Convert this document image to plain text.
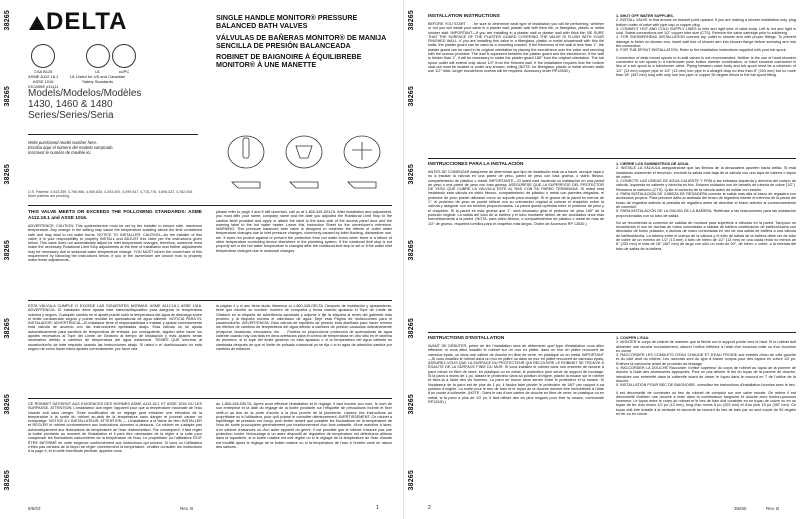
38265
38265
38265
38265
38265
38265
38265
DELTA
CSA B125
ASME A112.18.1
ASSE 1016
IOC/MNE #11111
UL
UL Listed for US and Canadian
Safety Standards
cUPC
Models/Modelos/Modèles
1430, 1460 & 1480
Series/Series/Seria
Write purchased model number here.
Escriba aquí el número del modelo comprado.
Inscrivez le numéro de modèle ici.
U.S. Patents: 4,043,359, 3,796,966, 4,069,835, 4,353,400, 4,099,547, 4,715,776, 4,696,322, 4,782,005. More patents are pending.
SINGLE HANDLE MONITOR® PRESSURE BALANCED BATH VALVES
VÁLVULAS DE BAÑERAS MONITOR® DE MANIJA SENCILLA DE PRESIÓN BALANCEADA
ROBINET DE BAIGNOIRE À ÉQUILIBREBE MONITOR® À UNE MANETTE
THIS VALVE MEETS OR EXCEEDS THE FOLLOWING STANDARDS: ASME A112.18.1 and ASSE 1016.
ADVERTENCE: CAUTION: This system/device must be set by the installer to ensure safe, maximum temperature. Any change in the setting may cause the temperature scalding above the limit considered safe and may lead to hot water burns. NOTICE TO INSTALLER: CAUTION—As the installer of this valve, it is your responsibility to properly INSTALL and ADJUST this valve per the instructions given below. This valve does not automatically adjust for inlet temperature changes, therefore, someone must make the necessary Rotational Limit Stop adjustments at the time of installation and further adjustments may be necessary due to seasonal water temperature change. YOU MUST inform the owner/user of this requirement by following the instructions below. If you or the owner/user are unsure how to properly make these adjustments,
please refer to page 4 and if still uncertain, call us at 1-800-345-DELTA. After installation and adjustment, you must affix your name, company name and the date you adjusted the Rotational Limit Stop to the caution label provided and apply or attach the label to the back side of the access panel door and the warning label to the hot water heater. Leave this Instruction Sheet for the owner/user's reference. WARNING: This pressure balanced bath valve is designed to minimize the effects of outlet water temperature changes due to inlet pressure changes, commonly caused by toilet flushing, dishwasher use, etc. It does not protect against or prevent the protection from hot water burns when there is a failure of other temperature controlling device elsewhere in the plumbing system. If the rotational limit stop is not properly set or the hot water temperature is changed after the rotational limit stop is set or if the water inlet temperature changes due to seasonal changes.
ESTA VÁLVULA CUMPLE O EXCEDE LAS SIGUIENTES NORMAS: ASME A112.18.1 ASSE 1016. ADVERTENCIA: El instalador debe ajustar este sistema/dispositivo para asegurar la temperatura máxima y segura. Cualquier cambio en el ajuste puede subir la temperatura del agua de descarga sobre el límite considerado seguro y puede resultar en quemaduras de agua caliente. NOTICIA PARA EL INSTALADOR: ADVERTENCIA—El instalador tiene el responsabilidad e instalar y ajustar correctamente esta válvula de acuerdo con las instrucciones aprobadas abajo. Esta válvula no se ajusta automáticamente para cambios de temperatura de entrada, por consiguiente, alguien debe hacer los ajustes necesarios al Tope del Límite de Giratorio al tiempo de instalación y más ajustes serán necesarios debido a cambios de temperatura del agua estacional. TIENES QUE informar al usuario/dueño de este requisito usando las instrucciones abajo. Si usted o el dueño/usuario no está seguro de cómo hacer estos ajustes correctamente, por favor vea
la página 4 y si aún tiene duda, llámenos al 1-800-345-DELTA. Después de instalación y ajustamiento, tiene que escribir su nombre, nombre de compañía y fecha cuando ajustado el Tope de Límite de Giratorio en la etiqueta de advertencia aprobada y adjunte o fije la etiqueta al revés del gabinete más próximo y la etiqueta encima el calentador de agua. Deje esta Página de Instrucciones para el usuario/dueño. ADVERTENCIA: Esta válvula de equilibrio de presión está diseñada para hacer mínimo los efectos de cambios de temperatura del agua debido a cambios de presión causados ordinariamente (evaporar, lavadoras, excusados, etc. . . Pudiera no proporcionar protección de quemaduras de agua caliente cuando hay una falla en otros artefactos para el control de temperatura en otro sitio en el sistema de plomería, si el tope del límite giratorio no está ajustado o si la temperatura del agua caliente es cambiada después de que el límite de pulsado rotacional ya se fija o si el agua de admisión cambia por cambios de estación.
CE ROBINET SATISFAIT AUX EXIGENCES DES NORMES ASME A112.18.1 ET ASSE 1016 OU LES SURPASSE. ATTENTION: L'installateur doit régler l'appareil pour que la température maximale de l'eau chaude soit sans danger. Toute modification de ce réglage peut entraîner une élévation de la température à la sortie du robinet au-delà de la température sans danger et pourrait causer un échaudage. NOTICE À L'INSTALLATEUR: ATTENTION — L'installateur a la tâche de bien INSTALLER et RÉGLER le robinet conformément aux instructions données ci-dessous. Ce robinet ne s'adapte pas automatiquement aux fluctuations de température de l'eau d'alimentation. Par conséquent, il faut régler la butée pivotante au moment de l'installation et il peut être nécessaire de la régler à la suite pour compenser les fluctuations saisonnières de la température de l'eau. Le propriétaire ou l'utilisateur DOIT ÊTRE INFORMÉ de cette exigence conformément aux instructions qui suivent. Si vous ou l'utilisateur n'êtes pas certains de la façon de régler correctement la température, veuillez consulter les instructions à la page 4, et si cette incertitude persiste, appelez-nous
au 1-800-345-DELTA. Après avoir effectué l'installation et le réglage, il faut inscrire son nom, le nom de son entreprise et la date du réglage de la butée pivotante sur l'étiquette de précautions fournie et fixer celle-ci au dos de la porte d'accès à la plus proche de la plomberie. Laissez ces instructions au propriétaire ou à l'utilisateur, pour qu'il puisse le consulter ultérieurement. AVERTISSEMENT: Ce robinet à équilibrage de pression est conçu pour limiter autant que possible les fluctuations de la température de l'eau de sortie provoquées généralement par fonctionnement d'un lave-vaisselle, d'une machine à laver, d'un cabinet d'aisances ou d'un autre appareil du genre. Il est possible que le robinet n'assure pas une protection contre l'échaudage si un autre dispositif de régulation de température est défectueux ailleurs dans la tuyauterie, si la butée rotative est mal réglée ou si le réglage de la température de l'eau chaude est modifié après le réglage de la butée rotative ou si la température de l'eau à l'entrée varie en raison des saisons.
8/5/03	Rev. B	1
38265
38265
38265
38265
38265
38265
38265
INSTALLATION INSTRUCTIONS
BEFORE YOU START . . . be sure to determine what type of installation you will be performing, whether or not you will install your valve in a plaster wall, plaster wall with thick tile, or fiberglass, plastic or metal shower stall. IMPORTANT—If you are installing in a plaster wall or plaster wall with thick tile: BE SURE THAT THE SURFACE OF THE PLASTER GUARD COVERING THE VALVE IS FLUSH WITH YOUR FINISHED WALL. If you are installing this valve in a fiberglass, plastic or metal showerwall with thin tile walls, the plaster guard can be used as a mounting bracket. If the thickness of the wall is less than 1", the plaster guard can be used in its original orientation by placing the escutcheon over the valve and securing with the screws provided. The wall is squeezed between the plaster guard and the escutcheon. If the wall is thicker than 1", it will be necessary to rotate the plaster guard 180° from the original orientation. The tub spout outlet will extend only about 1/2" from the finished wall. If the installation requires that the bottom stub-out must be located or under any shower, ceiling (NOTE: for fiberglass, plastic or metal shower stalls use 1/2" thick, longer escutcheon screws will be required. Accessory order RP12630.)
1. SHUT OFF WATER SUPPLIES.
2. INSTALL VALVE to that arrows on bracket point upward. If you are making a shower installation only, plug bottom outlet of valve with pipe cap or copper plug.
3. CONNECT HOT AND COLD SUPPLY LINES to inlet and right inlet of valve body. Left is hot and right is cold. Sweat connections are 1/2" copper tube size (CTS). Remove the valve cartridge prior to soldering.
4. FOR SHOWERHEAD INSTALLATION connect top outlet to shower arm with proper fittings. To prevent damage to finish on shower arm, insert wall end of shower arm into shower flange before screwing arm into tee connection.
5. FOR TUB SPOUT INSTALLATION, Refer to the installation instructions supplied with your tub spout.
Connection of desk mount spouts to in-wall valves is not recommended. Neither is the use of hand showers connected to tub spouts in a tub/shower push button diverter combination, or hand showers connected in lieu of a tub spout to a tub/shower valve. Piping between valve body and tub spout must be a minimum of 1/2" (13 mm) copper pipe or 1/2" (13 mm) iron pipe in a straight drop no less than 8" (203 mm) but no more than 18" (457 mm) long with only one iron pipe or copper 90 degree elbow to the tub spout fitting.
INSTRUCCIONES PARA LA INSTALACIÓN
ANTES DE COMENZAR asegúrese de determinar que tipo de instalación está va a hacer, aunque vaya o no a instalar la válvula en una pared de yeso, pared de yeso con losa gruesa, o vidrio fibroso, compartimiento de plástico o metal. IMPORTANTE—Si usted está haciendo su instalación en una pared de yeso o una pared de yeso con losa gruesa: ASEGÚRESE QUE LA SUPERFICIE DEL PROTECTOR DE YESO QUE CUBRE LA VÁLVULA ESTÉ AL RAS CON SU PARED TERMINADA. Si usted está instalando esta válvula en vidrio fibroso, compartimiento de plástico o metal con paredes delgadas, el protector de yeso puede utilizarse como un soporte para montaje. Si el grosor de la pared es menos de 1", el protector de yeso se puede utilizar con su orientación original al colocar el chapetón sobre la válvula y asegurar con los tornillos proporcionados. La pared queda oprimida entre el protector de yeso y el chapetón. Si la pared es más gruesa que 1", será necesario girar el protector de yeso 180° de la posición original. La salida del tubo de la bañera y el tubo montante deben de ser acordados unos más herméticamente a la pared. (NOTA: para vidrio fibroso, o compartimientos de plástico o metal de más de 1/2" de grueso, requerirá tornillos para el chapetón más largos. Orden de Accesorio RP 12630.)
1. CIERRE LOS SUMINISTROS DE AGUA.
2. INSTALE LA VÁLVULA asegurándose que las flechas de la abrazadera apunten hacia arriba. Si está instalando solamente el recorrido, enchufe la salida más baja de la válvula con una tapa de tubería o tapón de cobre.
3. CONECTE LAS LÍNEAS DE AGUA CALIENTE Y FRÍA a las entradas izquierda y derecha del cuerpo de válvula. Izquierda es caliente y derecha es fría. Enlaces soldados son de tamaño de tubería de cobre (1/2"). Remueva la cartucho (CTS). Quite el cartucho de la válvula antes de soldar con estaño.
4. PARA INSTALACIÓN DE CABEZA DE REGADERA conecte la salida más alta al brazo de regadera con accesorios propios. Para prevenir daño al acabado del brazo de regadera inserte el extremo de la pared del brazo de regadera adentro al pestaña de regadera antes de atornillar el brazo adentro al conexionamiento de conexión.
5. PARA INSTALACIÓN DE LA SALIDA DE LA BAÑERA, Refiérase a las instrucciones para las instalación proporcionadas con su tubo de salida.
No se recomienda la conexión de salidas de montura para superficie a válvulas en la pared. Tampoco se recomienda el uso de duchas de mano conectadas a salidas de bañera combinación de bañera/ducha con desviador de botón pulsador, o duchas de mano conectadas en vez de una salida de bañera a una válvula de bañera/ducha. La tubería entre el cuerpo de la válvula y el tubo de salida de la bañera debe ser de tubo de cobre de un mínimo de 1/2" (13 mm) o tubo de hierro de 1/2" (13 mm) en una caída recta no menos de 8" (203 mm) ni más de 18" (457 mm) de largo con sólo un codo de 90°, de hierro o cobre, a la entrada del tubo de salida de la bañera.
INSTRUCTIONS D'INSTALLATION
AVANT DE DÉBUTER, prière de lire l'installation sera de déterminer quel type d'installation vous allez effectuer, si vous allez installer le robinet sur un mur en plâtre, dans un mur en plâtre recouvert de carreaux épais, ou dans une cabine de douche en fibre de verre, en plastique ou en métal. IMPORTANT—Si vous installez le robinet dans un mur en plâtre ou dans un mur en plâtre recouvert de carreaux épais, ASSUREZ-VOUS QUE LA SURFACE DU PROTECTEUR QUI RECOUVRE LE ROBINET SE TROUVE À ÉGALITÉ DE LA SURFACE FINIE DU MUR. Si vous installez le robinet dans une enceinte de douche à paroi mince en fibre de verre, en plastique ou en métal, le protecteur peut servir de support de montage. Si la paroi a moins de 1 po, laissez le protecteur dans sa position d'origine, placez la rosace sur le robinet et fixez-la à l'aide des vis fournies. La paroi se trouve alors serrée entre le protecteur et la rosace. Si l'épaisseur de la paroi est de plus de 1 po, il faudra faire pivoter le protecteur de 180° par rapport à sa position d'origine. La sortie pour le bec de bain et le tuyau de la douche doivent être immobilisés à l'aide d'un coude à collerette. (NOTE : Dans le cas d'une cabine de douche en fibre de verre, en plastique ou en métal, si la paroi a plus de 1/2 po, il faut utiliser des vis plus longues pour fixer la rosace, commande RP12630.)
1. COUPER L'EAU.
2. MONTER le corps de robinet de manière que la flèche sur le support pointe vers le haut. Si le robinet doit alimenter une douche exclusivement, obturer l'orifice inférieur à l'aide d'un bouchon mâle ou d'un bouchon en cuivre.
3. RACCORDER LES CONDUITS D'EAU CHAUDE ET D'EAU FROIDE aux entrées d'eau de côté gauche et du côté droit du robinet. Les raccords sont du type à braser conçus pour des tuyaux en cuivre 1/2 po. Enlevez la cartouche avant de procéder au brasage.
4. RACCORDER LA DOUCHE Raccorder l'orifice supérieur du corps de robinet au tuyau de la pomme de douche à l'aide des accessoires appropriés. Pour ne pas abîmer le fini du tuyau de la pomme de douche, introduire son extrémité dans la collerette avant de visser le tuyau dans le raccord en T de l'orifice de la douche.
5. INSTALLATION POUR BEC DE BAIGNOIRE, consultez les instructions d'installation fournies avec le bec.
Il est déconseillé de connecter un bec de robinet de comptoir sur une valve murale. De même il est déconseillé d'utiliser une douche à main dans la combinaison baignoire et douche avec bouton-poussoir inverseur. Le tuyau entre le corps du robinet et le bec de bain doit consister en un tuyau de cuivre ou en un tuyau de fer d'au moins 1/2 po (13 mm), long d'au moins 8 po (203 mm) et d'au plus 18 po (457 mm). Ce tuyau doit être installé à la verticale et raccordé au raccord du bec de bain par un seul coude de 90 degrés en fer ou en cuivre.
2	38265	Rev. B
